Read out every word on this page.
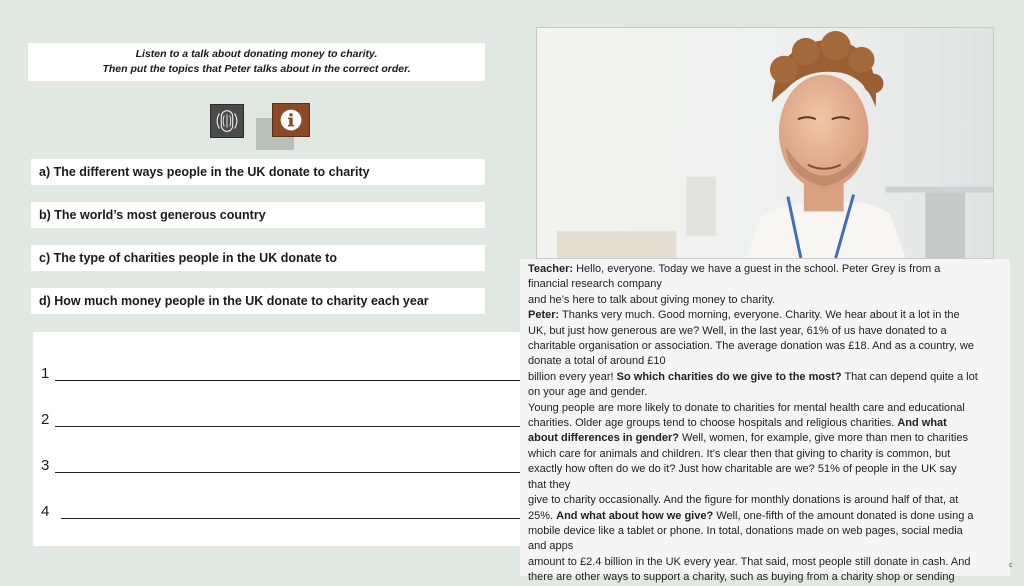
Listen to a talk about donating money to charity.
Then put the topics that Peter talks about in the correct order.
a) The different ways people in the UK donate to charity
b) The world’s most generous country
c) The type of charities people in the UK donate to
d) How much money people in the UK donate to charity each year
1
2
3
4

Teacher: Hello, everyone. Today we have a guest in the school. Peter Grey is from a

financial research company

and he’s here to talk about giving money to charity.

Peter: Thanks very much. Good morning, everyone. Charity. We hear about it a lot in the

UK, but just how generous are we? Well, in the last year, 61% of us have donated to a

charitable organisation or association. The average donation was £18. And as a country, we

donate a total of around £10

billion every year! So which charities do we give to the most? That can depend quite a lot

on your age and gender.

Young people are more likely to donate to charities for mental health care and educational

charities. Older age groups tend to choose hospitals and religious charities. And what

about differences in gender? Well, women, for example, give more than men to charities

which care for animals and children. It’s clear then that giving to charity is common, but

exactly how often do we do it? Just how charitable are we? 51% of people in the UK say

that they

give to charity occasionally. And the figure for monthly donations is around half of that, at

25%. And what about how we give? Well, one-fifth of the amount donated is done using a

mobile device like a tablet or phone. In total, donations made on web pages, social media

and apps

amount to £2.4 billion in the UK every year. That said, most people still donate in cash. And

there are other ways to support a charity, such as buying from a charity shop or sending

c
